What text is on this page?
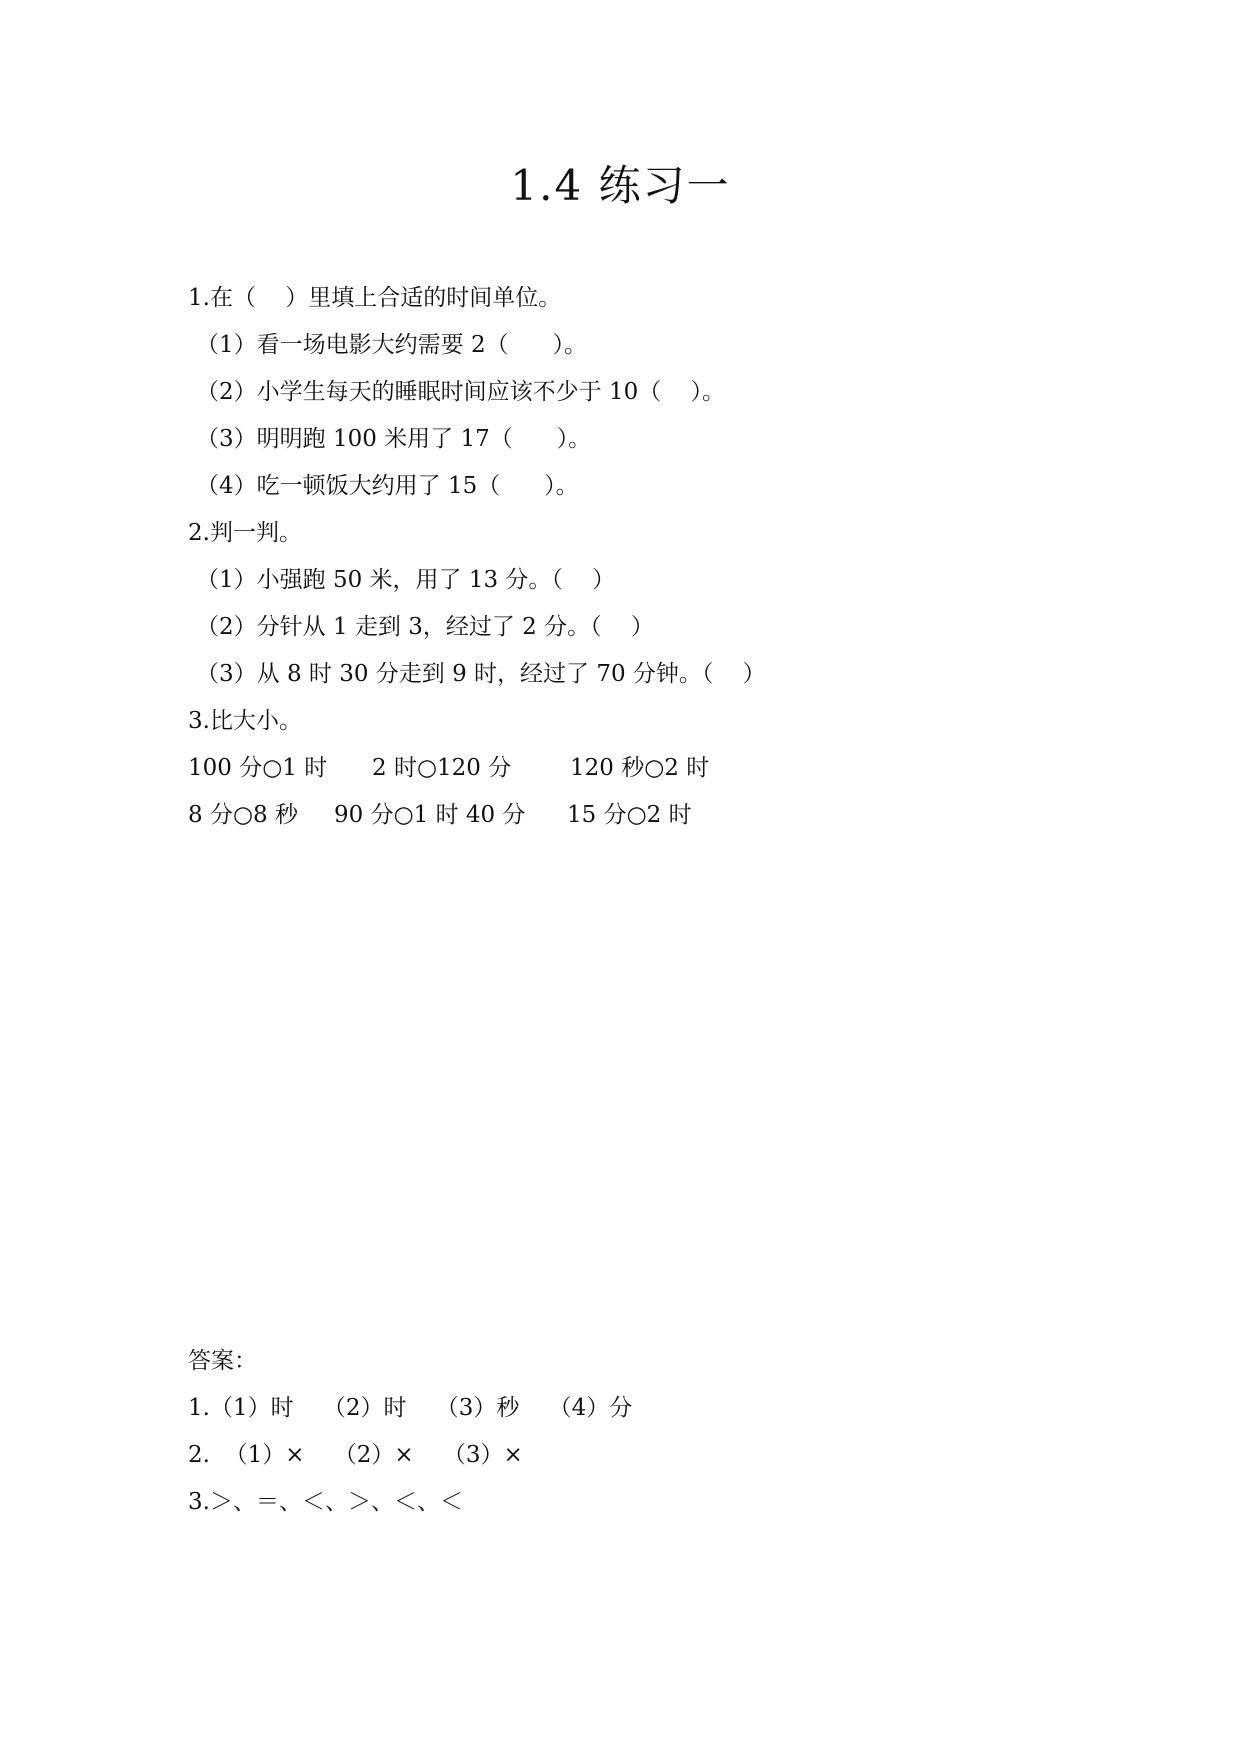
1.4 练习一
1.在（    ）里填上合适的时间单位。
（1）看一场电影大约需要 2（      ）。
（2）小学生每天的睡眠时间应该不少于 10（    ）。
（3）明明跑 100 米用了 17（      ）。
（4）吃一顿饭大约用了 15（      ）。
2.判一判。
（1）小强跑 50 米，用了 13 分。（    ）
（2）分针从 1 走到 3，经过了 2 分。（    ）
（3）从 8 时 30 分走到 9 时，经过了 70 分钟。（    ）
3.比大小。
100 分○1 时 2 时○120 分	120 秒○2 时
8 分○8 秒 90 分○1 时 40 分 15 分○2 时
答案：
1.（1）时    （2）时    （3）秒    （4）分
2.  （1）×    （2）×    （3）×
3.＞、＝、＜、＞、＜、＜
